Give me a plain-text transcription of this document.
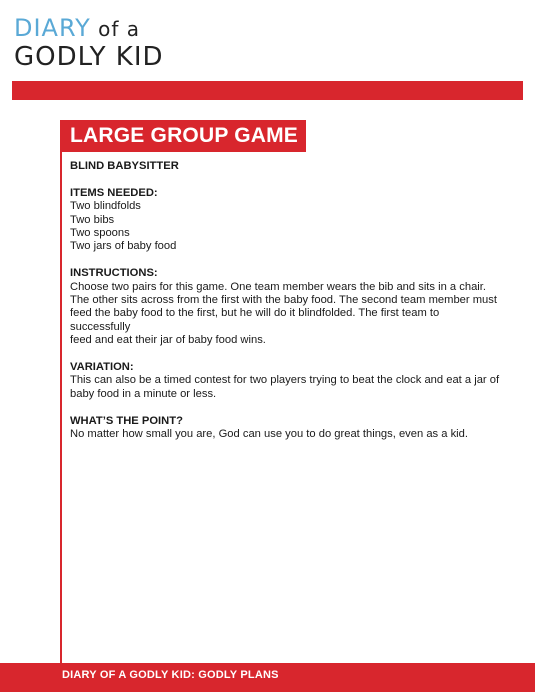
DIARY of a
GODLY KID
LARGE GROUP GAME
BLIND BABYSITTER
ITEMS NEEDED:
Two blindfolds
Two bibs
Two spoons
Two jars of baby food
INSTRUCTIONS:
Choose two pairs for this game. One team member wears the bib and sits in a chair.
The other sits across from the first with the baby food. The second team member must
feed the baby food to the first, but he will do it blindfolded. The first team to successfully
feed and eat their jar of baby food wins.
VARIATION:
This can also be a timed contest for two players trying to beat the clock and eat a jar of
baby food in a minute or less.
WHAT’S THE POINT?
No matter how small you are, God can use you to do great things, even as a kid.
DIARY OF A GODLY KID: GODLY PLANS
